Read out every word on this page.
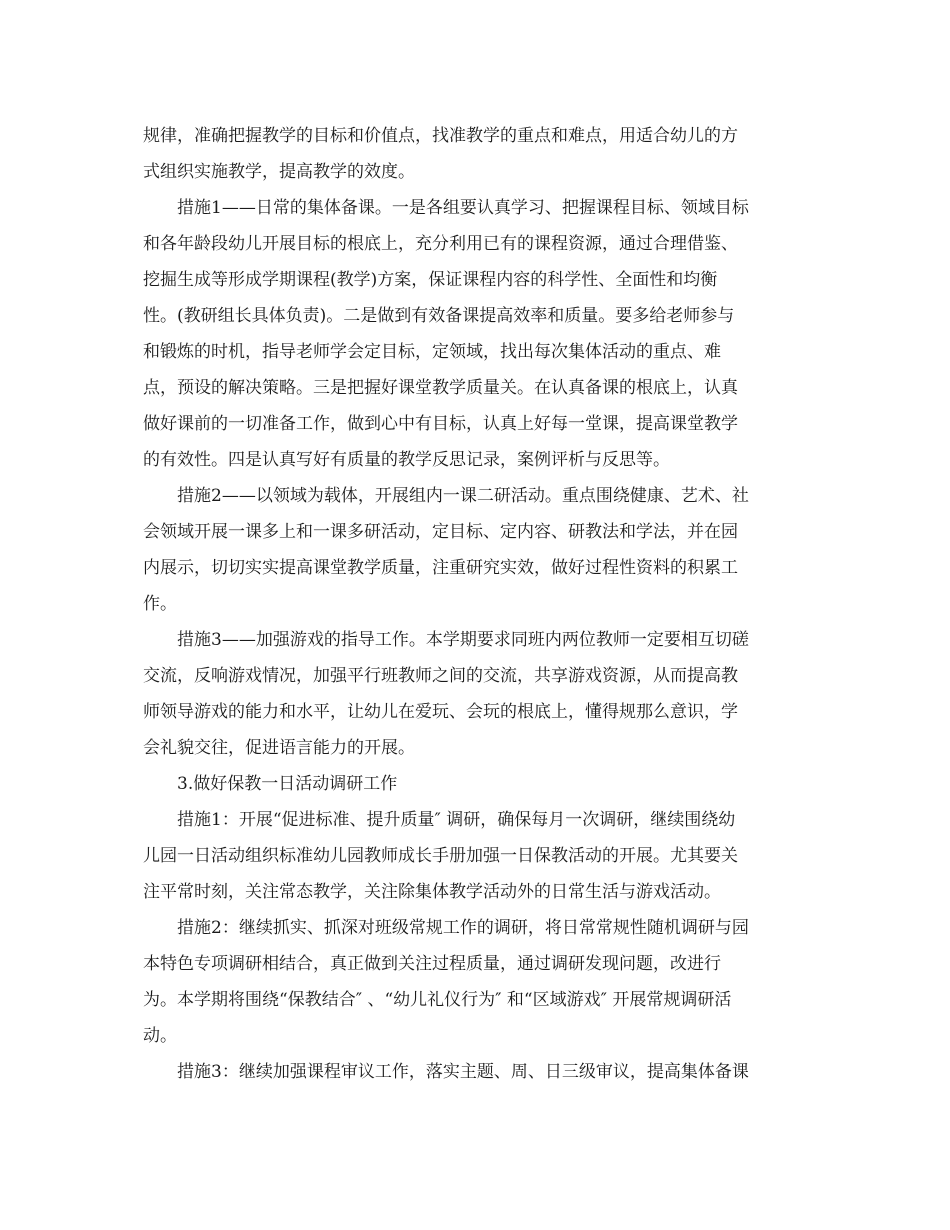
规律，准确把握教学的目标和价值点，找准教学的重点和难点，用适合幼儿的方
式组织实施教学，提高教学的效度。
措施1——日常的集体备课。一是各组要认真学习、把握课程目标、领域目标
和各年龄段幼儿开展目标的根底上，充分利用已有的课程资源，通过合理借鉴、
挖掘生成等形成学期课程(教学)方案，保证课程内容的科学性、全面性和均衡
性。(教研组长具体负责)。二是做到有效备课提高效率和质量。要多给老师参与
和锻炼的时机，指导老师学会定目标，定领域，找出每次集体活动的重点、难
点，预设的解决策略。三是把握好课堂教学质量关。在认真备课的根底上，认真
做好课前的一切准备工作，做到心中有目标，认真上好每一堂课，提高课堂教学
的有效性。四是认真写好有质量的教学反思记录，案例评析与反思等。
措施2——以领域为载体，开展组内一课二研活动。重点围绕健康、艺术、社
会领域开展一课多上和一课多研活动，定目标、定内容、研教法和学法，并在园
内展示，切切实实提高课堂教学质量，注重研究实效，做好过程性资料的积累工
作。
措施3——加强游戏的指导工作。本学期要求同班内两位教师一定要相互切磋
交流，反响游戏情况，加强平行班教师之间的交流，共享游戏资源，从而提高教
师领导游戏的能力和水平，让幼儿在爱玩、会玩的根底上，懂得规那么意识，学
会礼貌交往，促进语言能力的开展。
3.做好保教一日活动调研工作
措施1：开展“促进标准、提升质量″ 调研，确保每月一次调研，继续围绕幼
儿园一日活动组织标准幼儿园教师成长手册加强一日保教活动的开展。尤其要关
注平常时刻，关注常态教学，关注除集体教学活动外的日常生活与游戏活动。
措施2：继续抓实、抓深对班级常规工作的调研，将日常常规性随机调研与园
本特色专项调研相结合，真正做到关注过程质量，通过调研发现问题，改进行
为。本学期将围绕“保教结合″ 、“幼儿礼仪行为″ 和“区域游戏″ 开展常规调研活
动。
措施3：继续加强课程审议工作，落实主题、周、日三级审议，提高集体备课
